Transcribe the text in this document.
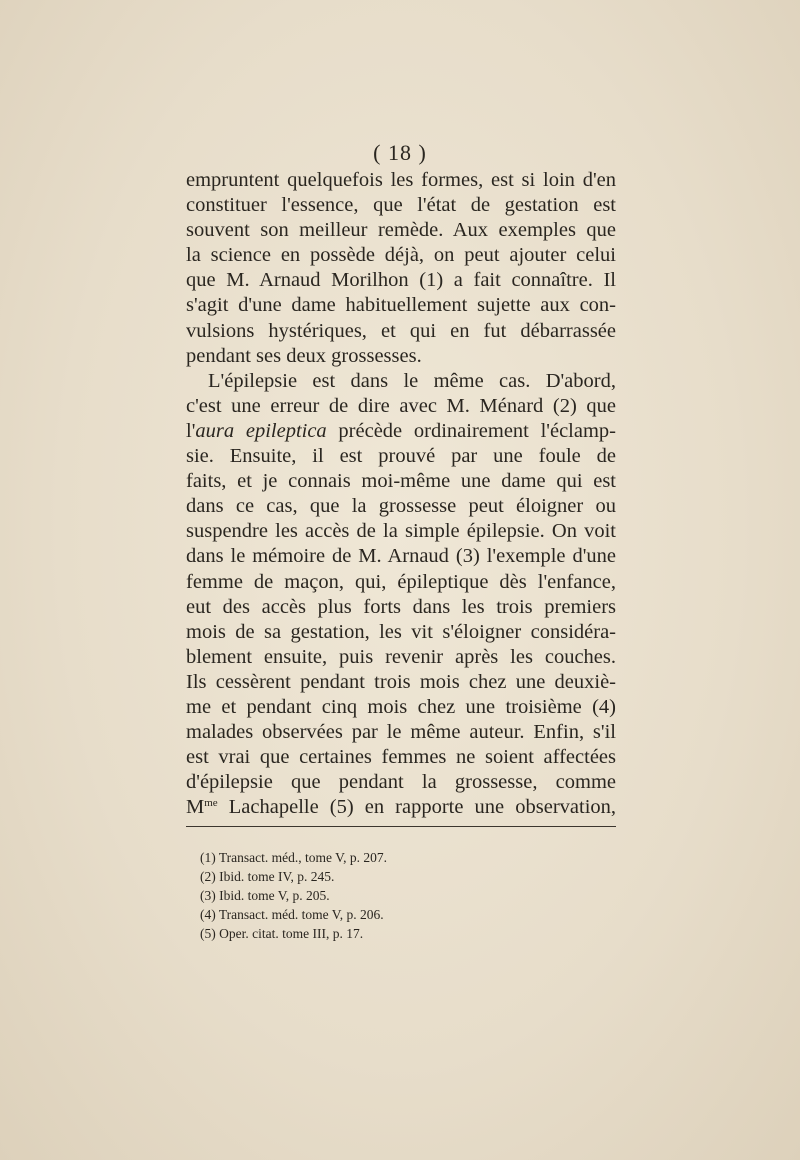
( 18 )
empruntent quelquefois les formes, est si loin d'en
constituer l'essence, que l'état de gestation est
souvent son meilleur remède. Aux exemples que
la science en possède déjà, on peut ajouter celui
que M. Arnaud Morilhon (1) a fait connaître. Il
s'agit d'une dame habituellement sujette aux con-
vulsions hystériques, et qui en fut débarrassée
pendant ses deux grossesses.
L'épilepsie est dans le même cas. D'abord,
c'est une erreur de dire avec M. Ménard (2) que
l'aura epileptica précède ordinairement l'éclamp-
sie. Ensuite, il est prouvé par une foule de
faits, et je connais moi-même une dame qui est
dans ce cas, que la grossesse peut éloigner ou
suspendre les accès de la simple épilepsie. On voit
dans le mémoire de M. Arnaud (3) l'exemple d'une
femme de maçon, qui, épileptique dès l'enfance,
eut des accès plus forts dans les trois premiers
mois de sa gestation, les vit s'éloigner considéra-
blement ensuite, puis revenir après les couches.
Ils cessèrent pendant trois mois chez une deuxiè-
me et pendant cinq mois chez une troisième (4)
malades observées par le même auteur. Enfin, s'il
est vrai que certaines femmes ne soient affectées
d'épilepsie que pendant la grossesse, comme
$M^{me}$ Lachapelle (5) en rapporte une observation,
(1) Transact. méd., tome V, p. 207.
(2) Ibid. tome IV, p. 245.
(3) Ibid. tome V, p. 205.
(4) Transact. méd. tome V, p. 206.
(5) Oper. citat. tome III, p. 17.
